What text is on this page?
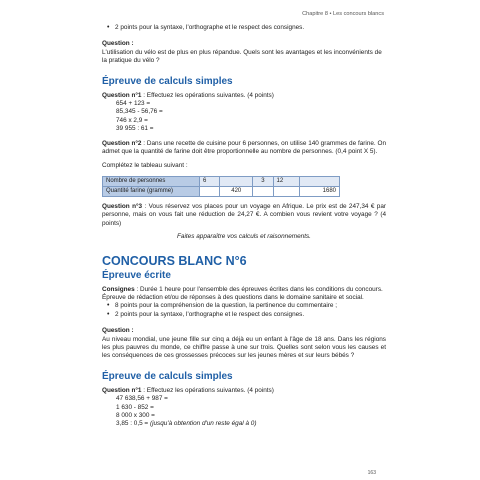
Chapitre 8 • Les concours blancs
• 2 points pour la syntaxe, l'orthographe et le respect des consignes.
Question :

L'utilisation du vélo est de plus en plus répandue. Quels sont les avantages et les inconvénients de la pratique du vélo ?

Épreuve de calculs simples

Question n°1 : Effectuez les opérations suivantes. (4 points)

654 + 123 =
85,345 - 56,76 =
746 x 2,9 =
39 955 : 61 =

Question n°2 : Dans une recette de cuisine pour 6 personnes, on utilise 140 grammes de farine. On admet que la quantité de farine doit être proportionnelle au nombre de personnes. (0,4 point X 5).

Complétez le tableau suivant :

Nombre de personnes	6		3	12	
Quantité farine (gramme)		420			1680

Question n°3 : Vous réservez vos places pour un voyage en Afrique. Le prix est de 247,34 € par personne, mais on vous fait une réduction de 24,27 €. A combien vous revient votre voyage ? (4 points)

Faites apparaître vos calculs et raisonnements.

CONCOURS BLANC N°6
Épreuve écrite

Consignes : Durée 1 heure pour l'ensemble des épreuves écrites dans les conditions du concours.

Épreuve de rédaction et/ou de réponses à des questions dans le domaine sanitaire et social.

• 8 points pour la compréhension de la question, la pertinence du commentaire ;
• 2 points pour la syntaxe, l'orthographe et le respect des consignes.
Question :

Au niveau mondial, une jeune fille sur cinq a déjà eu un enfant à l'âge de 18 ans. Dans les régions les plus pauvres du monde, ce chiffre passe à une sur trois. Quelles sont selon vous les causes et les conséquences de ces grossesses précoces sur les jeunes mères et sur leurs bébés ?

Épreuve de calculs simples

Question n°1 : Effectuez les opérations suivantes. (4 points)

47 638,56 + 987 =
1 630 - 852 =
8 000 x 300 =
3,85 : 0,5 = (jusqu'à obtention d'un reste égal à 0)
163
